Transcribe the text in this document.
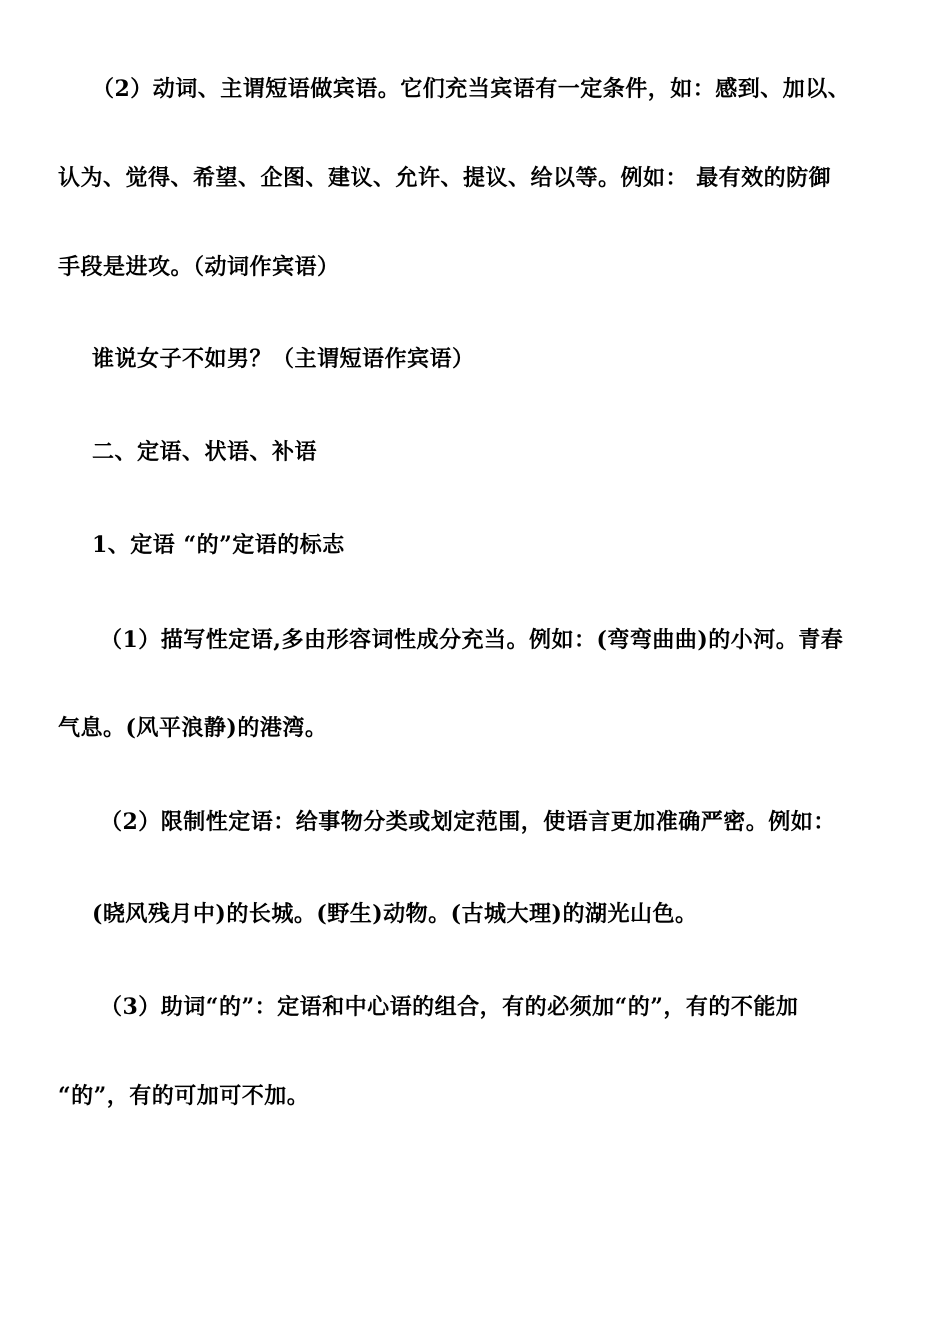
（2）动词、主谓短语做宾语。它们充当宾语有一定条件，如：感到、加以、
认为、觉得、希望、企图、建议、允许、提议、给以等。例如： 最有效的防御
手段是进攻。（动词作宾语）
谁说女子不如男？（主谓短语作宾语）
二、定语、状语、补语
1、定语 “的”定语的标志
（1）描写性定语,多由形容词性成分充当。例如：(弯弯曲曲)的小河。青春
气息。(风平浪静)的港湾。
（2）限制性定语：给事物分类或划定范围，使语言更加准确严密。例如：
(晓风残月中)的长城。(野生)动物。(古城大理)的湖光山色。
（3）助词“的”：定语和中心语的组合，有的必须加“的”，有的不能加
“的”，有的可加可不加。
